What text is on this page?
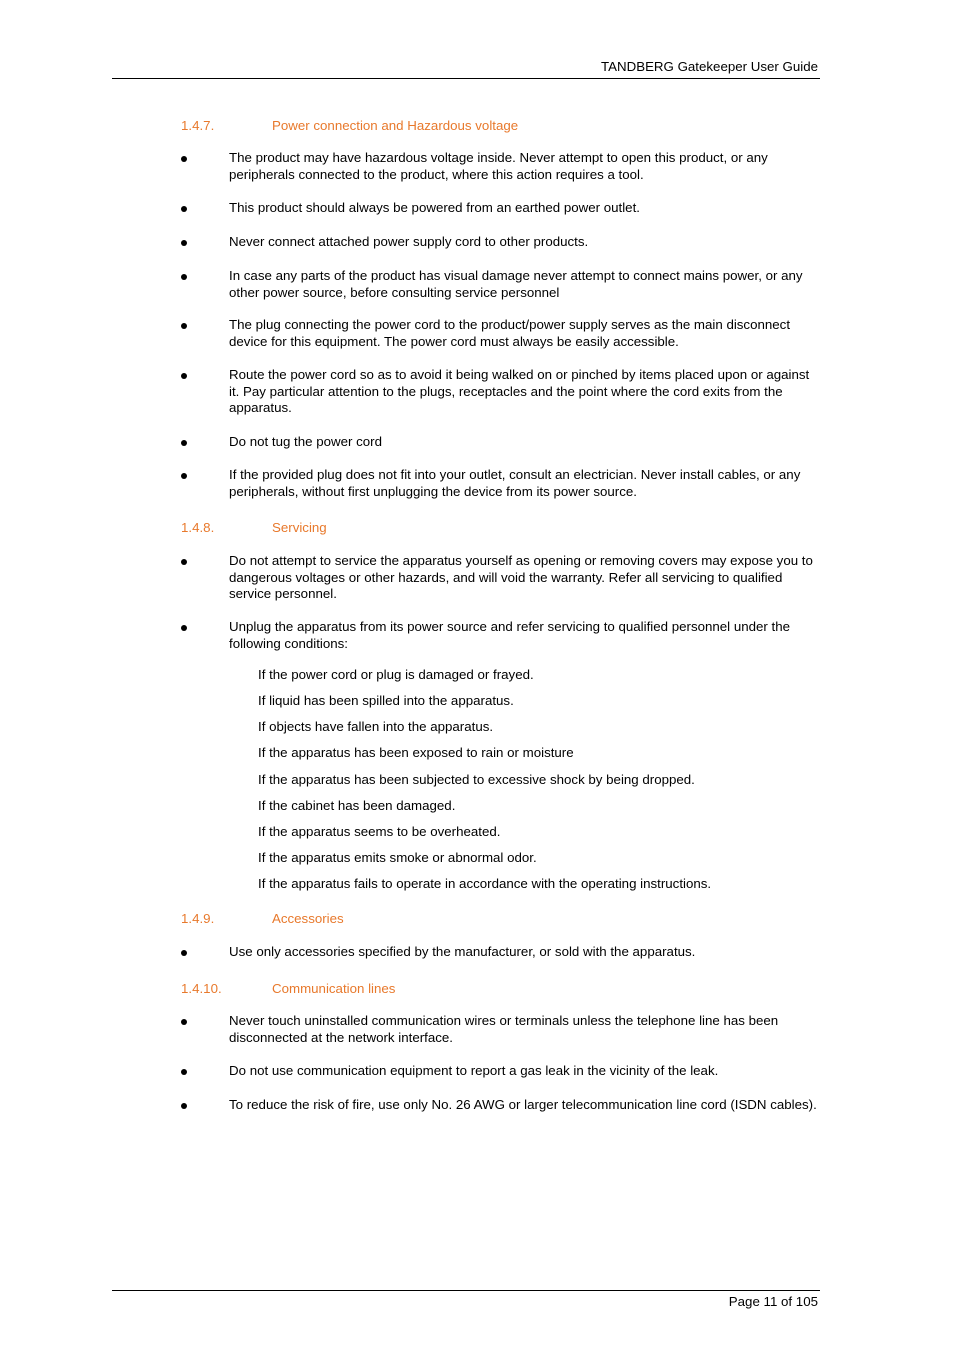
TANDBERG Gatekeeper User Guide
1.4.7.	Power connection and Hazardous voltage
The product may have hazardous voltage inside. Never attempt to open this product, or any peripherals connected to the product, where this action requires a tool.
This product should always be powered from an earthed power outlet.
Never connect attached power supply cord to other products.
In case any parts of the product has visual damage never attempt to connect mains power, or any other power source, before consulting service personnel
The plug connecting the power cord to the product/power supply serves as the main disconnect device for this equipment. The power cord must always be easily accessible.
Route the power cord so as to avoid it being walked on or pinched by items placed upon or against it. Pay particular attention to the plugs, receptacles and the point where the cord exits from the apparatus.
Do not tug the power cord
If the provided plug does not fit into your outlet, consult an electrician. Never install cables, or any peripherals, without first unplugging the device from its power source.
1.4.8.	Servicing
Do not attempt to service the apparatus yourself as opening or removing covers may expose you to dangerous voltages or other hazards, and will void the warranty. Refer all servicing to qualified service personnel.
Unplug the apparatus from its power source and refer servicing to qualified personnel under the following conditions:
If the power cord or plug is damaged or frayed.
If liquid has been spilled into the apparatus.
If objects have fallen into the apparatus.
If the apparatus has been exposed to rain or moisture
If the apparatus has been subjected to excessive shock by being dropped.
If the cabinet has been damaged.
If the apparatus seems to be overheated.
If the apparatus emits smoke or abnormal odor.
If the apparatus fails to operate in accordance with the operating instructions.
1.4.9.	Accessories
Use only accessories specified by the manufacturer, or sold with the apparatus.
1.4.10.	Communication lines
Never touch uninstalled communication wires or terminals unless the telephone line has been disconnected at the network interface.
Do not use communication equipment to report a gas leak in the vicinity of the leak.
To reduce the risk of fire, use only No. 26 AWG or larger telecommunication line cord (ISDN cables).
Page 11 of 105
